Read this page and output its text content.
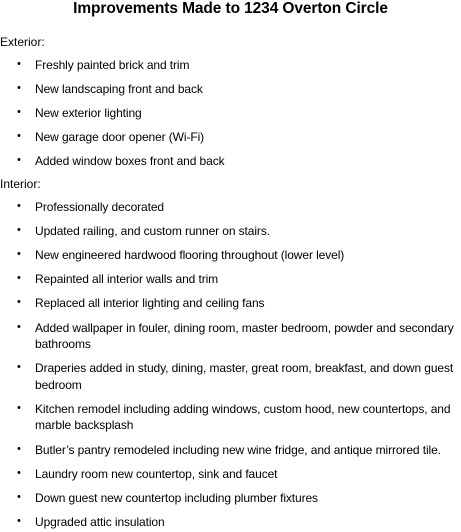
Improvements Made to 1234 Overton Circle

Exterior:

• Freshly painted brick and trim
• New landscaping front and back
• New exterior lighting
• New garage door opener (Wi-Fi)
• Added window boxes front and back

Interior:

• Professionally decorated
• Updated railing, and custom runner on stairs.
• New engineered hardwood flooring throughout (lower level)
• Repainted all interior walls and trim
• Replaced all interior lighting and ceiling fans
• Added wallpaper in fouler, dining room, master bedroom, powder and secondary bathrooms
• Draperies added in study, dining, master, great room, breakfast, and down guest bedroom
• Kitchen remodel including adding windows, custom hood, new countertops, and marble backsplash
• Butler’s pantry remodeled including new wine fridge, and antique mirrored tile.
• Laundry room new countertop, sink and faucet
• Down guest new countertop including plumber fixtures
• Upgraded attic insulation
